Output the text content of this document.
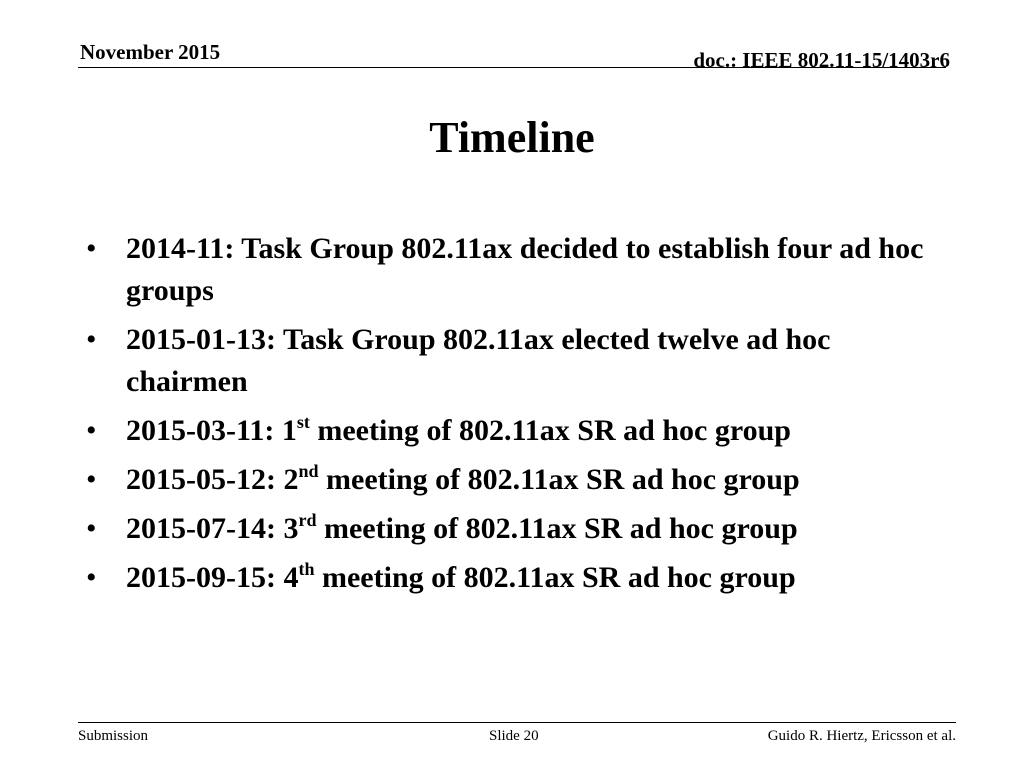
November 2015	doc.: IEEE 802.11-15/1403r6
Timeline
• 2014-11: Task Group 802.11ax decided to establish four ad hoc groups
• 2015-01-13: Task Group 802.11ax elected twelve ad hoc chairmen
• 2015-03-11: 1st meeting of 802.11ax SR ad hoc group
• 2015-05-12: 2nd meeting of 802.11ax SR ad hoc group
• 2015-07-14: 3rd meeting of 802.11ax SR ad hoc group
• 2015-09-15: 4th meeting of 802.11ax SR ad hoc group
Submission	Slide 20	Guido R. Hiertz, Ericsson et al.
